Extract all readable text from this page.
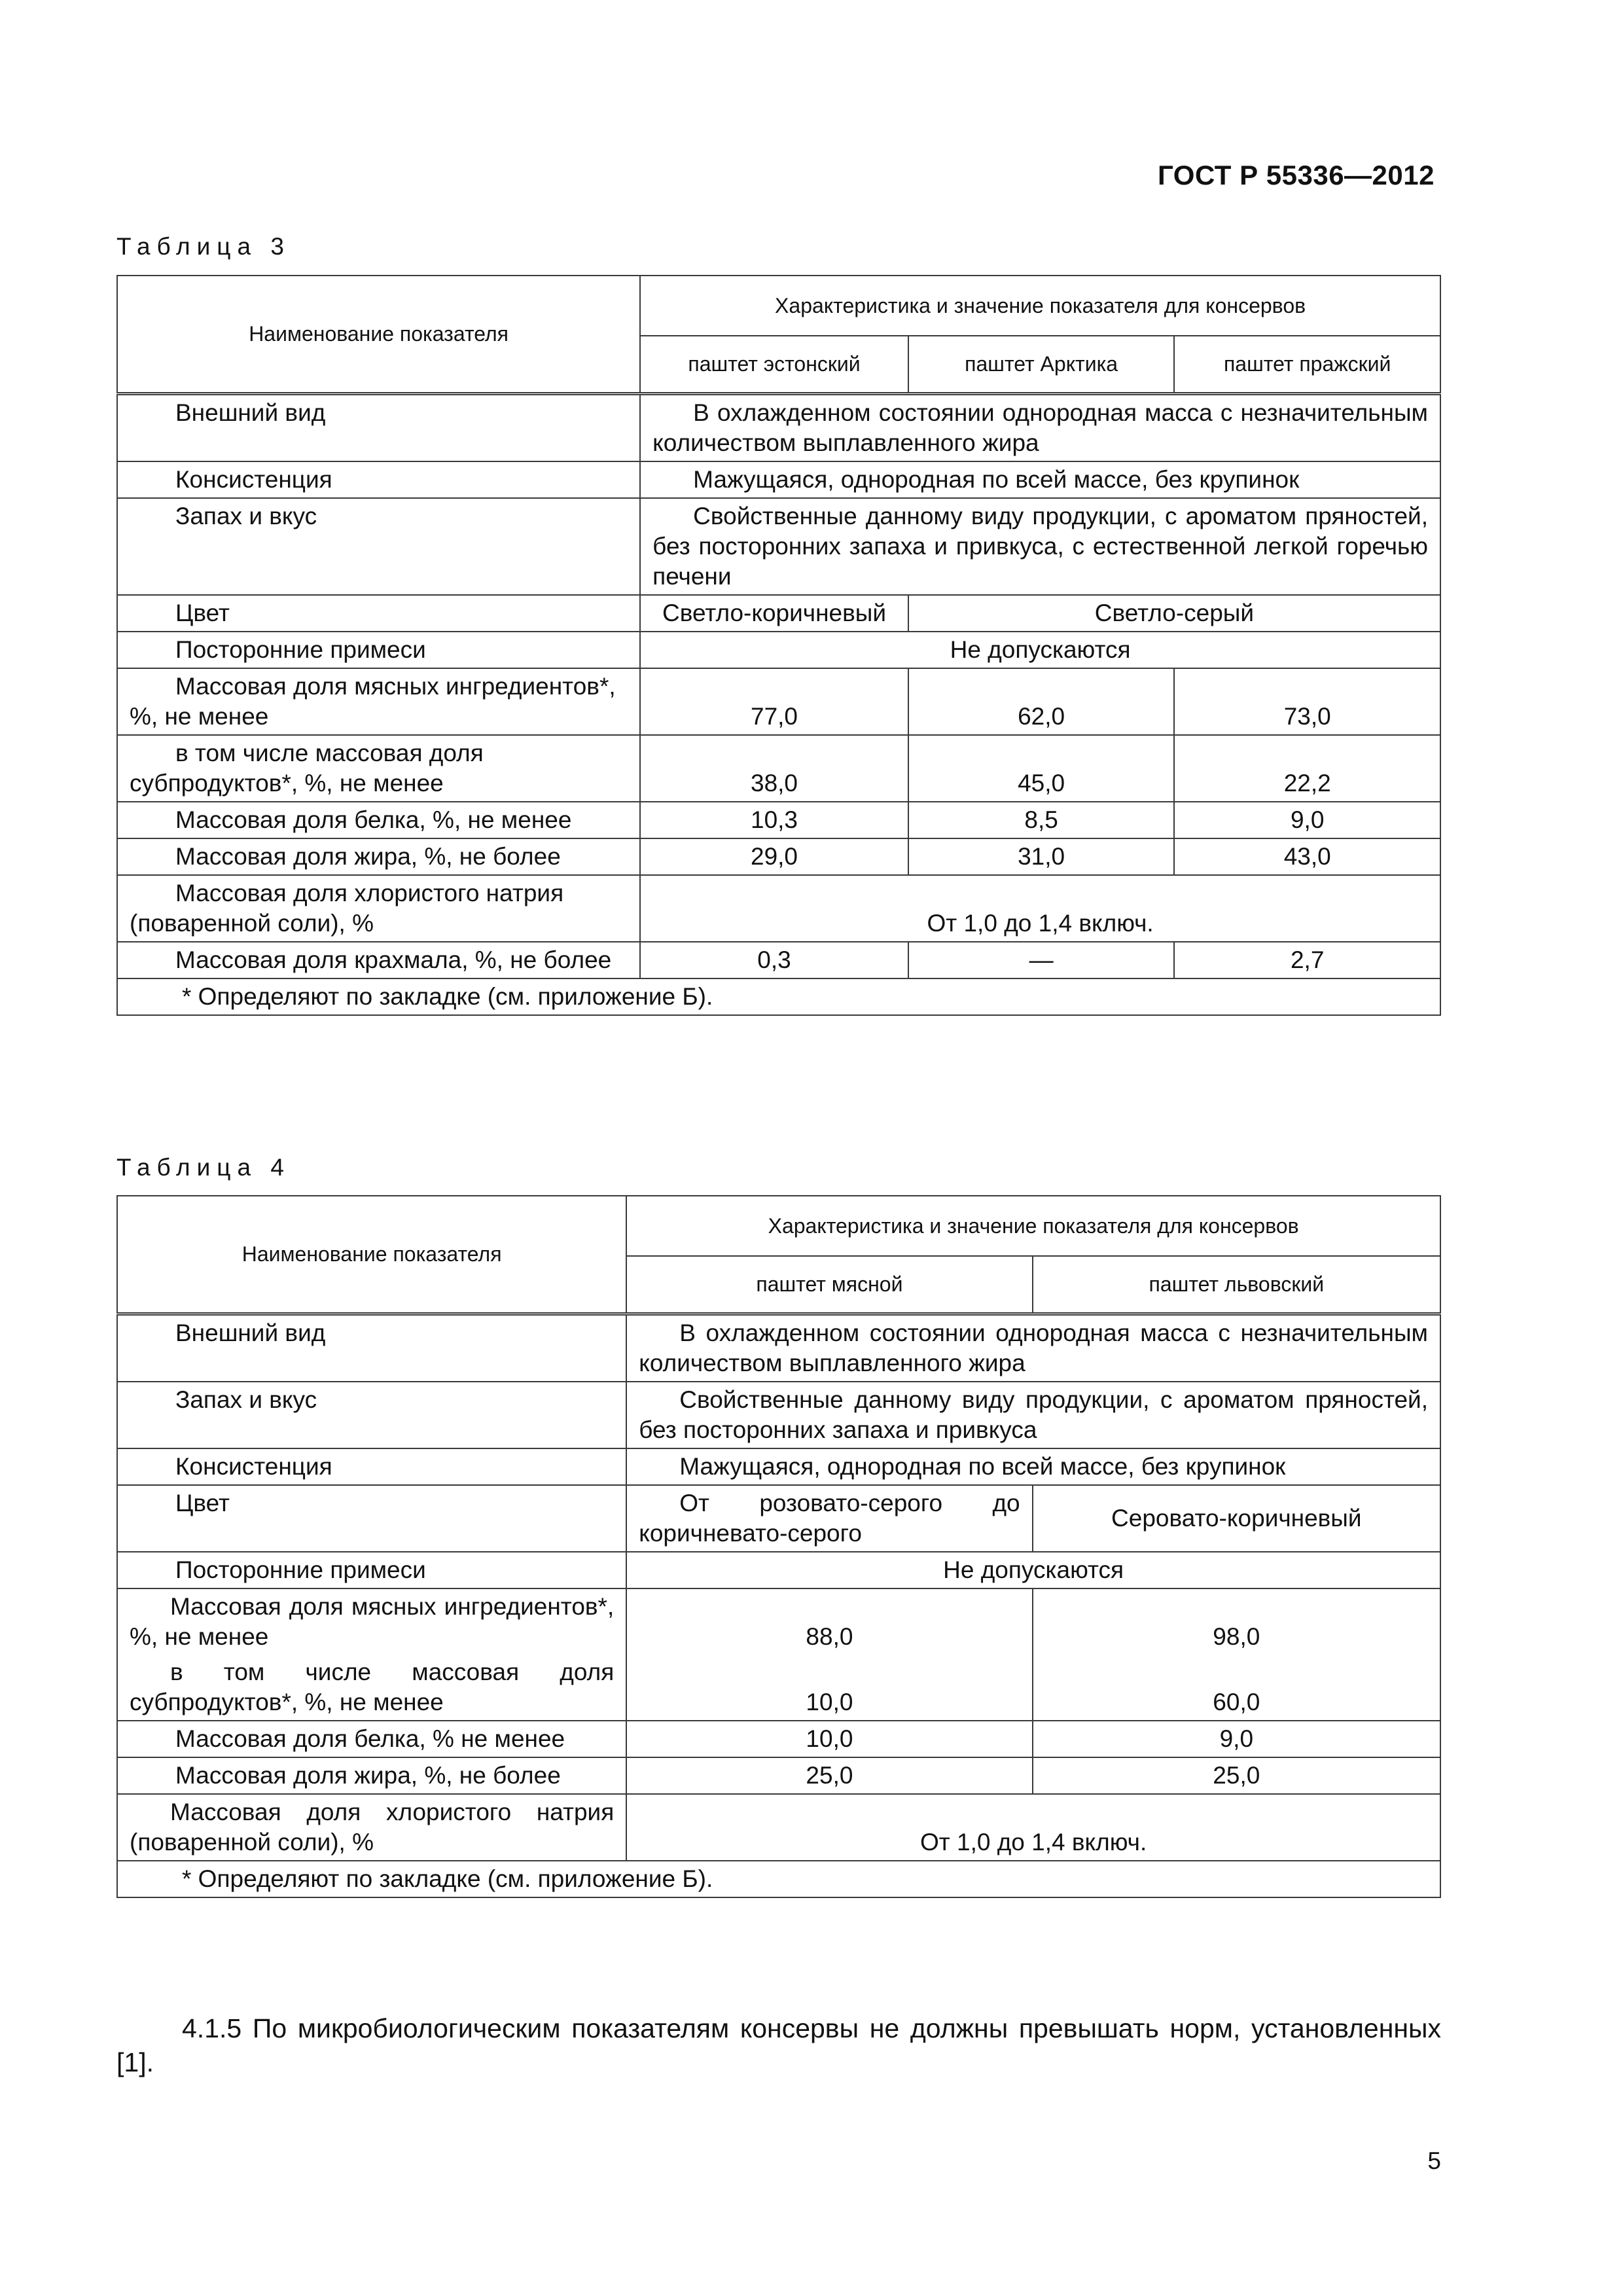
ГОСТ Р 55336—2012
Таблица 3
Наименование показателя	Характеристика и значение показателя для консервов		
	паштет эстонский	паштет Арктика	паштет пражский
Внешний вид	В охлажденном состоянии однородная масса с незначительным количеством выплавленного жира		
Консистенция	Мажущаяся, однородная по всей массе, без крупинок		
Запах и вкус	Свойственные данному виду продукции, с ароматом пряностей, без посторонних запаха и привкуса, с естественной легкой горечью печени		
Цвет	Светло-коричневый	Светло-серый	
Посторонние примеси	Не допускаются		
Массовая доля мясных ингредиентов*, %, не менее	77,0	62,0	73,0
в том числе массовая доля субпродуктов*, %, не менее	38,0	45,0	22,2
Массовая доля белка, %, не менее	10,3	8,5	9,0
Массовая доля жира, %, не более	29,0	31,0	43,0
Массовая доля хлористого натрия (поваренной соли), %	От 1,0 до 1,4 включ.		
Массовая доля крахмала, %, не более	0,3	—	2,7
* Определяют по закладке (см. приложение Б).			
Таблица 4
Наименование показателя	Характеристика и значение показателя для консервов	
	паштет мясной	паштет львовский
Внешний вид	В охлажденном состоянии однородная масса с незначительным количеством выплавленного жира	
Запах и вкус	Свойственные данному виду продукции, с ароматом пряностей, без посторонних запаха и привкуса	
Консистенция	Мажущаяся, однородная по всей массе, без крупинок	
Цвет	От розовато-серого до коричневато-серого	Серовато-коричневый
Посторонние примеси	Не допускаются	
Массовая доля мясных ингредиентов*, %, не менее	88,0	98,0
в том числе массовая доля субпродуктов*, %, не менее	10,0	60,0
Массовая доля белка, % не менее	10,0	9,0
Массовая доля жира, %, не более	25,0	25,0
Массовая доля хлористого натрия (поваренной соли), %	От 1,0 до 1,4 включ.	
* Определяют по закладке (см. приложение Б).		
4.1.5 По микробиологическим показателям консервы не должны превышать норм, установленных [1].
5
